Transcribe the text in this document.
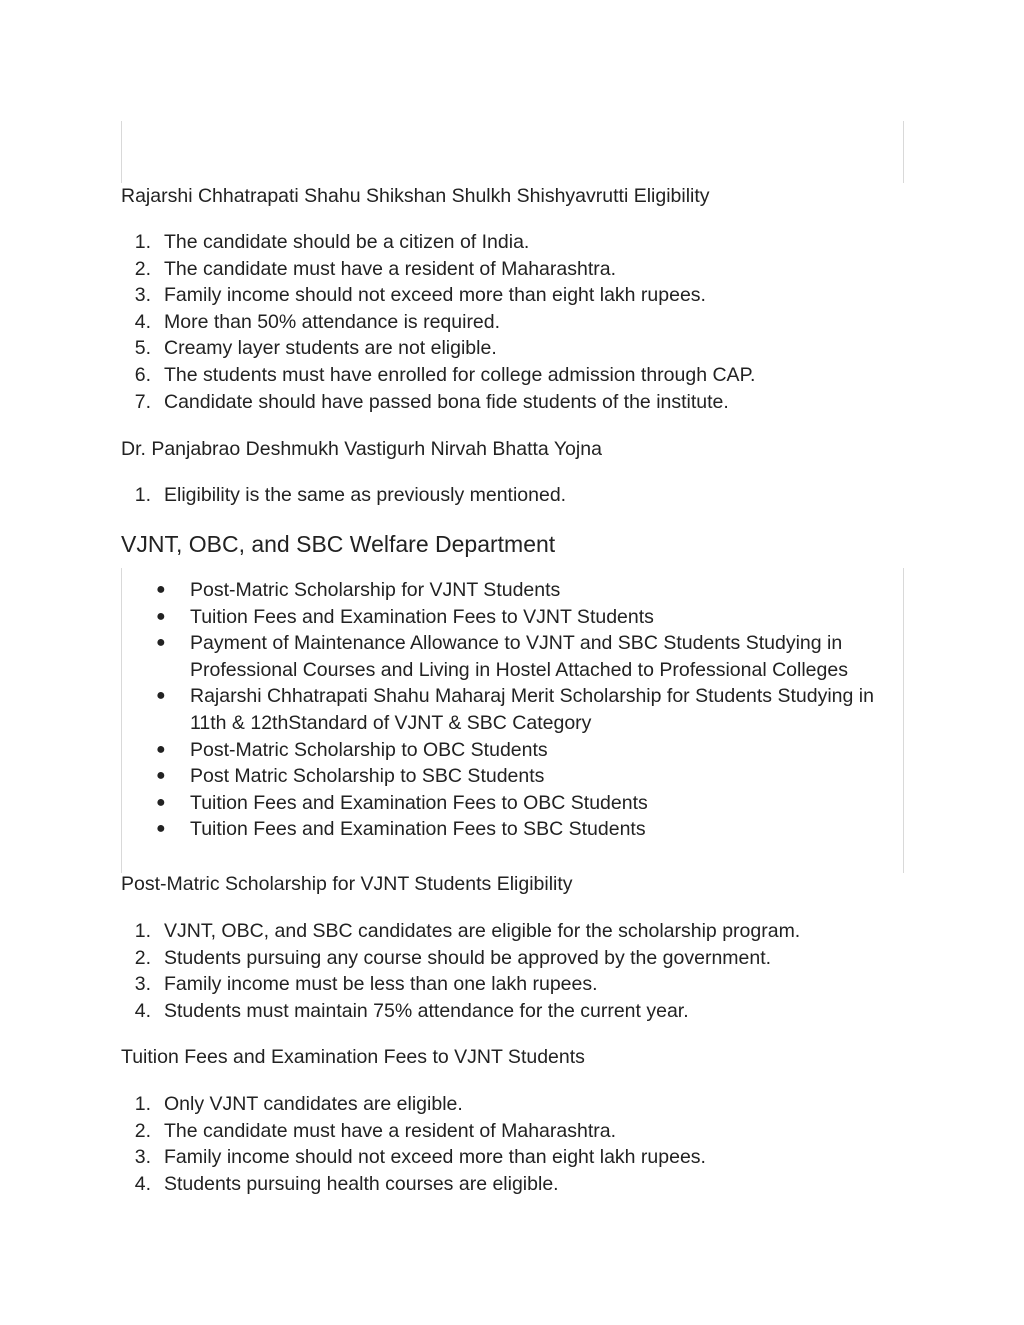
Rajarshi Chhatrapati Shahu Shikshan Shulkh Shishyavrutti Eligibility
1. The candidate should be a citizen of India.
2. The candidate must have a resident of Maharashtra.
3. Family income should not exceed more than eight lakh rupees.
4. More than 50% attendance is required.
5. Creamy layer students are not eligible.
6. The students must have enrolled for college admission through CAP.
7. Candidate should have passed bona fide students of the institute.
Dr. Panjabrao Deshmukh Vastigurh Nirvah Bhatta Yojna
1. Eligibility is the same as previously mentioned.
VJNT, OBC, and SBC Welfare Department
● Post-Matric Scholarship for VJNT Students
● Tuition Fees and Examination Fees to VJNT Students
● Payment of Maintenance Allowance to VJNT and SBC Students Studying in Professional Courses and Living in Hostel Attached to Professional Colleges
● Rajarshi Chhatrapati Shahu Maharaj Merit Scholarship for Students Studying in 11th & 12thStandard of VJNT & SBC Category
● Post-Matric Scholarship to OBC Students
● Post Matric Scholarship to SBC Students
● Tuition Fees and Examination Fees to OBC Students
● Tuition Fees and Examination Fees to SBC Students
Post-Matric Scholarship for VJNT Students Eligibility
1. VJNT, OBC, and SBC candidates are eligible for the scholarship program.
2. Students pursuing any course should be approved by the government.
3. Family income must be less than one lakh rupees.
4. Students must maintain 75% attendance for the current year.
Tuition Fees and Examination Fees to VJNT Students
1. Only VJNT candidates are eligible.
2. The candidate must have a resident of Maharashtra.
3. Family income should not exceed more than eight lakh rupees.
4. Students pursuing health courses are eligible.
